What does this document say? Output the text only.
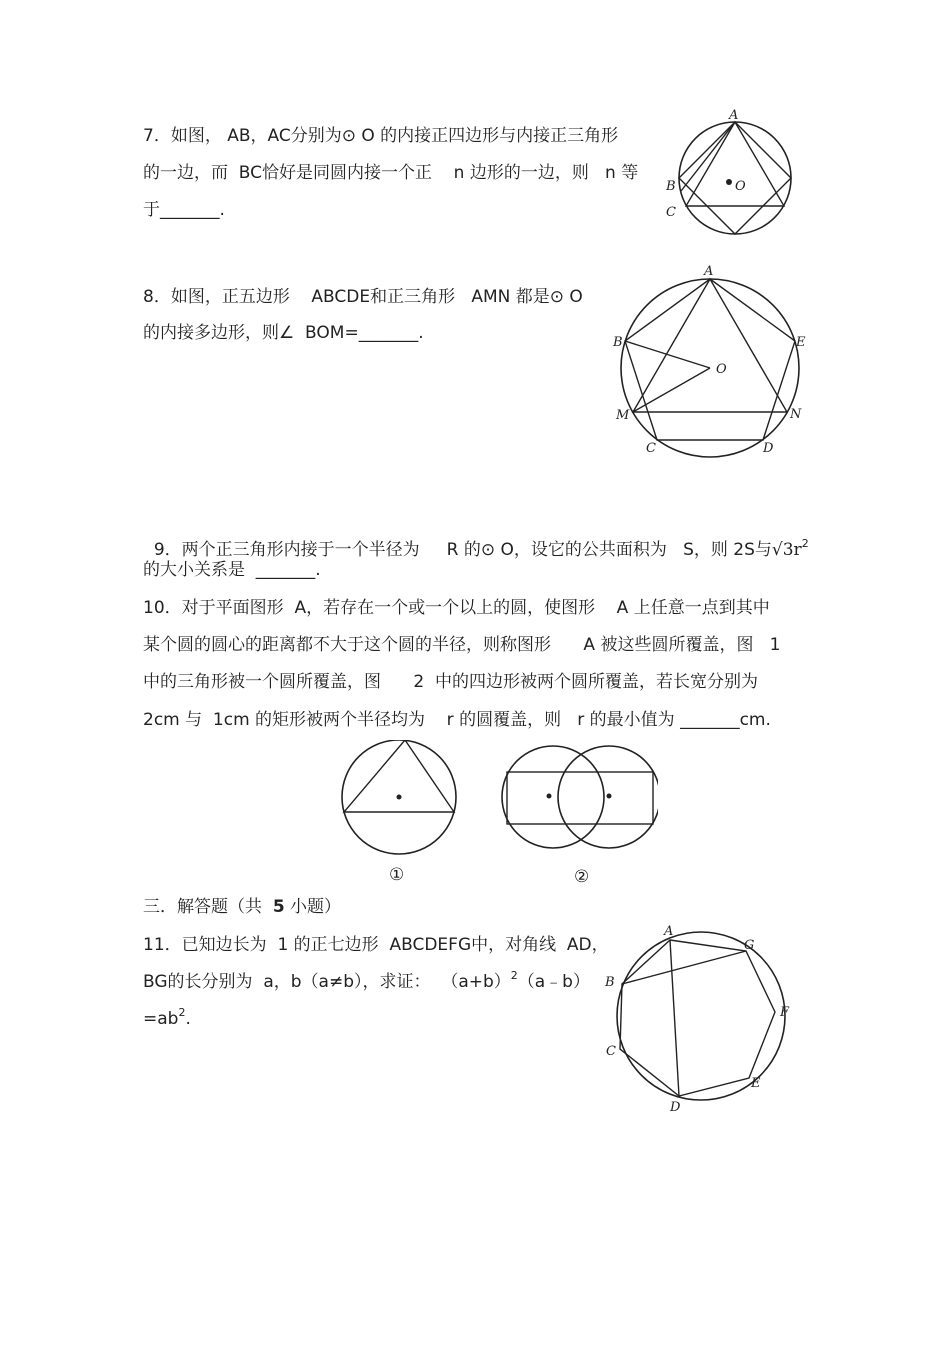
7．如图， AB，AC分别为⊙ O 的内接正四边形与内接正三角形
的一边，而  BC恰好是同圆内接一个正    n 边形的一边，则   n 等
于_______.
A
B
C
O
8．如图，正五边形    ABCDE和正三角形   AMN 都是⊙ O
的内接多边形，则∠  BOM=_______.
A
B	E
O
M	N
C	D

9．两个正三角形内接于一个半径为     R 的⊙ O，设它的公共面积为   S，则 2S与$√3r^2$

的大小关系是  _______.
10．对于平面图形  A，若存在一个或一个以上的圆，使图形    A 上任意一点到其中
某个圆的圆心的距离都不大于这个圆的半径，则称图形      A 被这些圆所覆盖，图   1
中的三角形被一个圆所覆盖，图      2  中的四边形被两个圆所覆盖，若长宽分别为
2cm 与  1cm 的矩形被两个半径均为    r 的圆覆盖，则   r 的最小值为 _______cm.
①	②
三．解答题（共  5 小题）
11．已知边长为  1 的正七边形  ABCDEFG中，对角线  AD，
BG的长分别为  a，b（a≠b），求证：  $(a+b)^2(a﹣b)$
$=ab^2$.
A
G
B
F
C
E
D
